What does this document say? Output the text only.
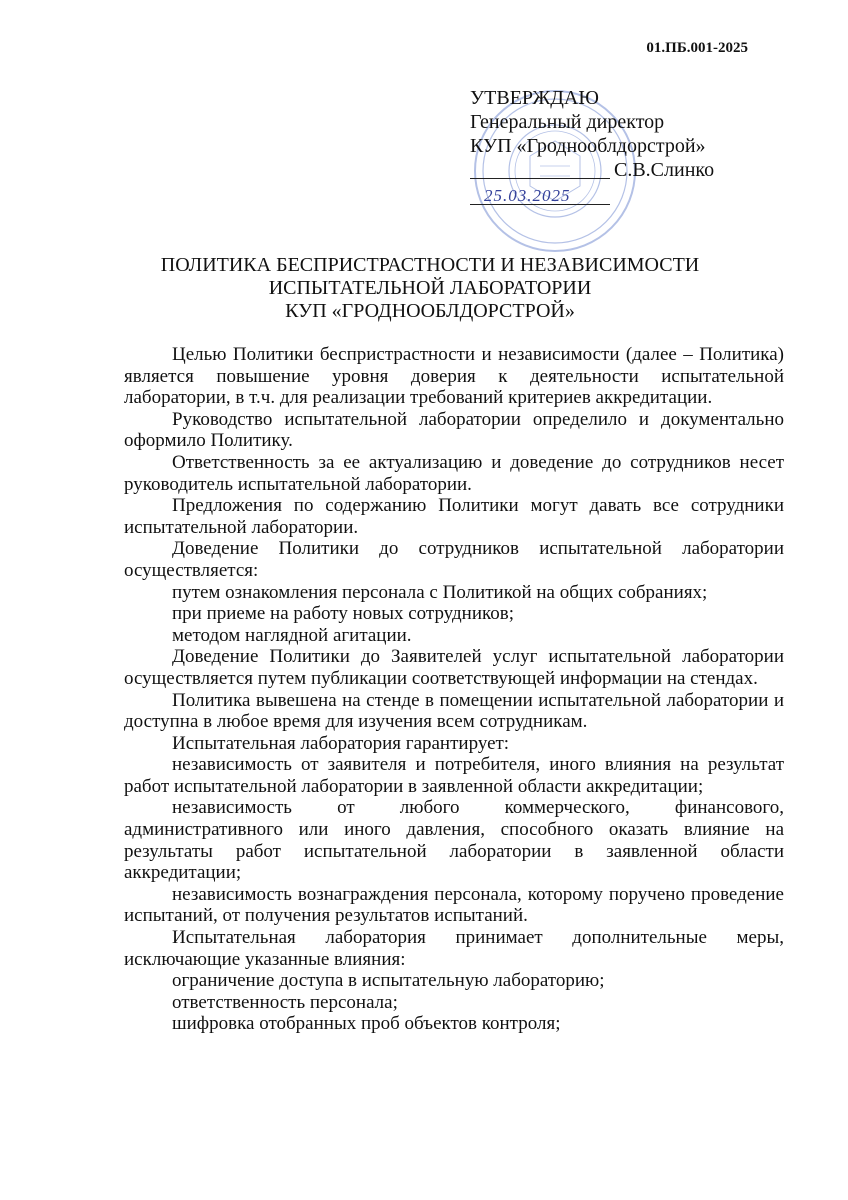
01.ПБ.001-2025
УТВЕРЖДАЮ
Генеральный директор
КУП «Гроднооблдорстрой»
С.В.Слинко
25.03.2025
ПОЛИТИКА БЕСПРИСТРАСТНОСТИ И НЕЗАВИСИМОСТИ
ИСПЫТАТЕЛЬНОЙ ЛАБОРАТОРИИ
КУП «ГРОДНООБЛДОРСТРОЙ»

Целью Политики беспристрастности и независимости (далее – Политика) является повышение уровня доверия к деятельности испытательной лаборатории, в т.ч. для реализации требований критериев аккредитации.

Руководство испытательной лаборатории определило и документально оформило Политику.

Ответственность за ее актуализацию и доведение до сотрудников несет руководитель испытательной лаборатории.

Предложения по содержанию Политики могут давать все сотрудники испытательной лаборатории.

Доведение Политики до сотрудников испытательной лаборатории осуществляется:

путем ознакомления персонала с Политикой на общих собраниях;

при приеме на работу новых сотрудников;

методом наглядной агитации.

Доведение Политики до Заявителей услуг испытательной лаборатории осуществляется путем публикации соответствующей информации на стендах.

Политика вывешена на стенде в помещении испытательной лаборатории и доступна в любое время для изучения всем сотрудникам.

Испытательная лаборатория гарантирует:

независимость от заявителя и потребителя, иного влияния на результат работ испытательной лаборатории в заявленной области аккредитации;

независимость от любого коммерческого, финансового, административного или иного давления, способного оказать влияние на результаты работ испытательной лаборатории в заявленной области аккредитации;

независимость вознаграждения персонала, которому поручено проведение испытаний, от получения результатов испытаний.

Испытательная лаборатория принимает дополнительные меры, исключающие указанные влияния:

ограничение доступа в испытательную лабораторию;

ответственность персонала;

шифровка отобранных проб объектов контроля;
